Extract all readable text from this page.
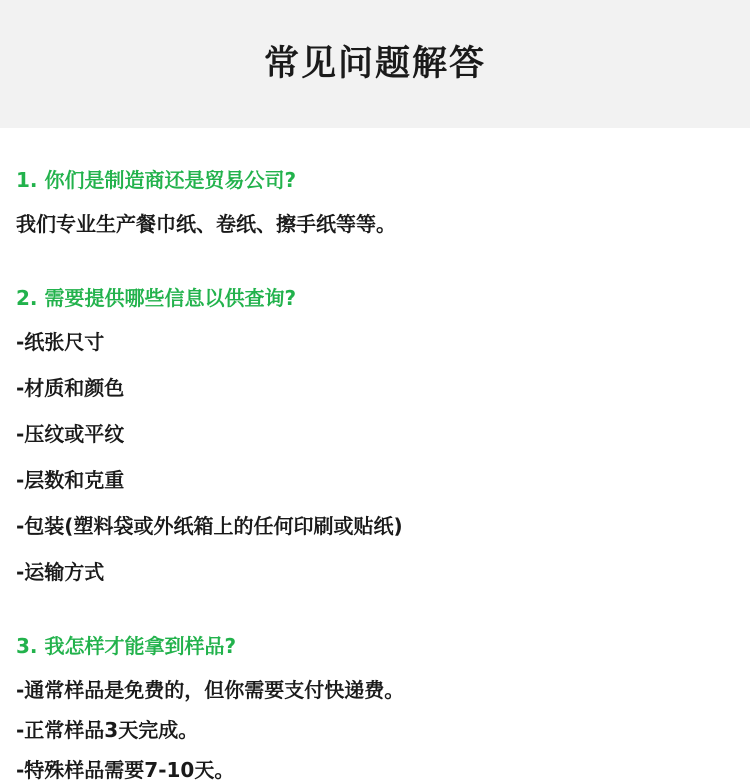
常见问题解答
1. 你们是制造商还是贸易公司?
我们专业生产餐巾纸、卷纸、擦手纸等等。
2. 需要提供哪些信息以供查询?
-纸张尺寸
-材质和颜色
-压纹或平纹
-层数和克重
-包装(塑料袋或外纸箱上的任何印刷或贴纸)
-运输方式
3. 我怎样才能拿到样品?
-通常样品是免费的，但你需要支付快递费。
-正常样品3天完成。
-特殊样品需要7-10天。
